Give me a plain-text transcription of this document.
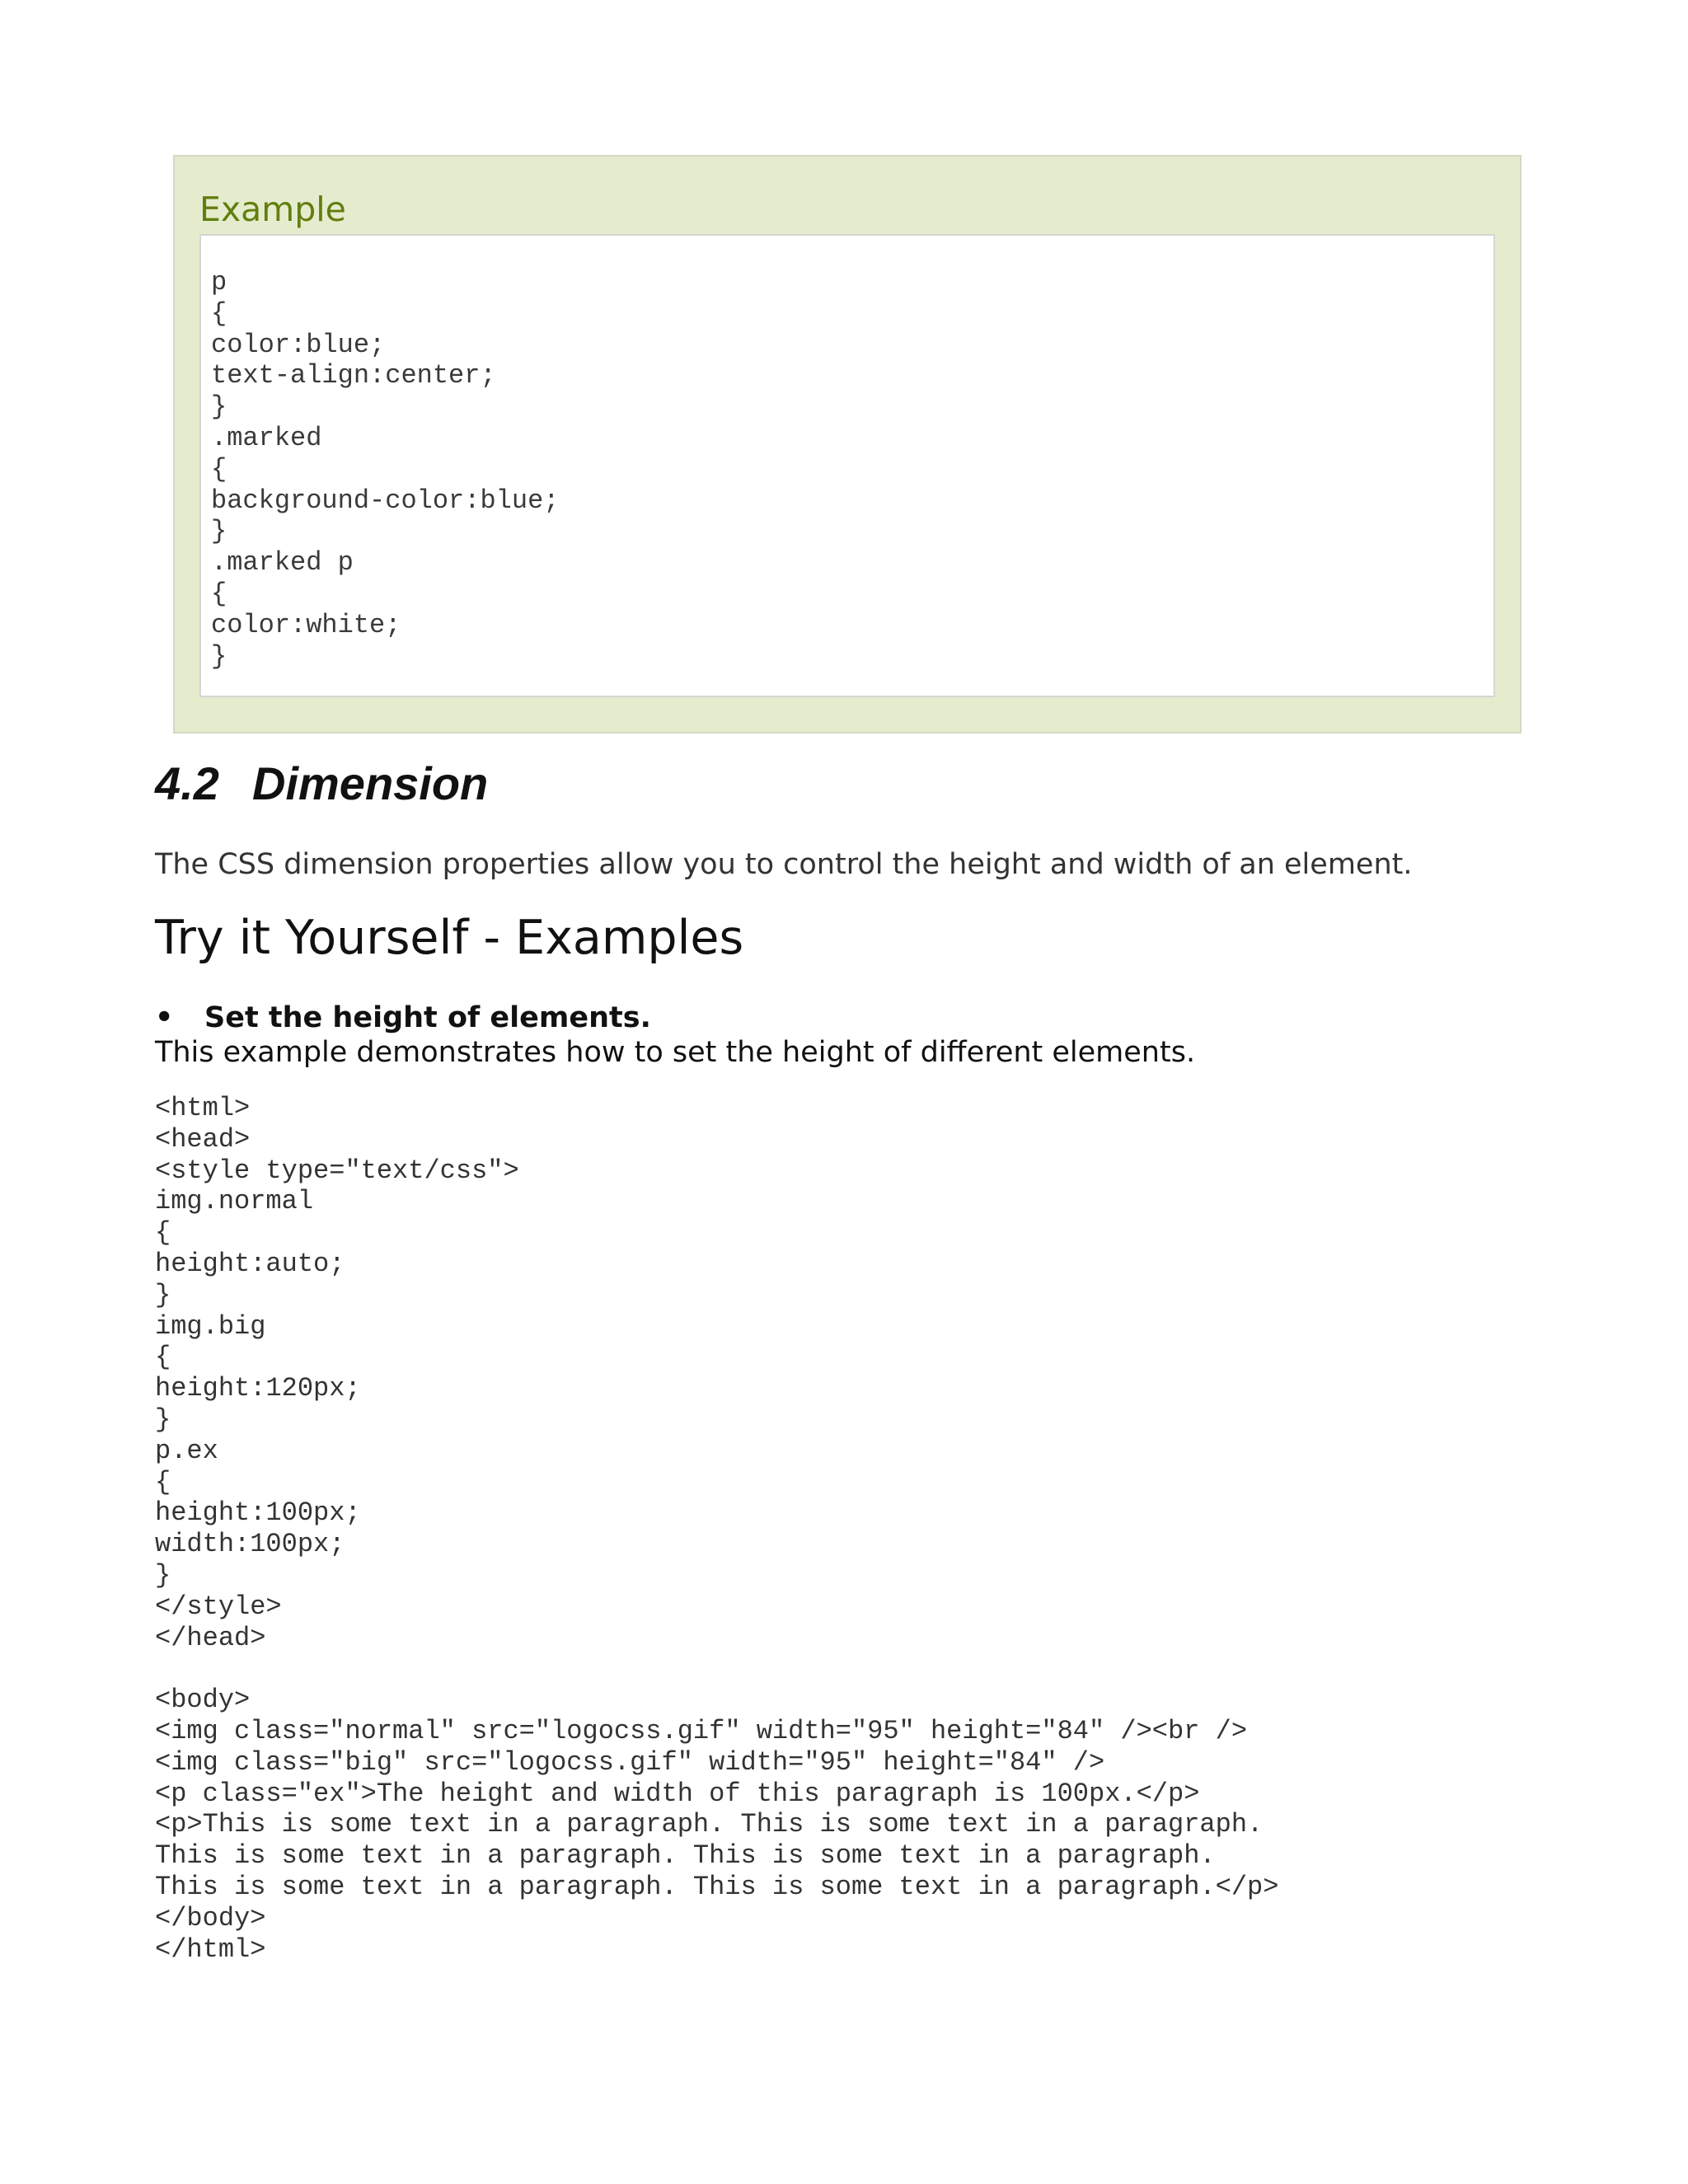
Example
p
{
color:blue;
text-align:center;
}
.marked
{
background-color:blue;
}
.marked p
{
color:white;
}
4.2 Dimension
The CSS dimension properties allow you to control the height and width of an element.
Try it Yourself - Examples
• Set the height of elements.
This example demonstrates how to set the height of different elements.
<html>
<head>
<style type="text/css">
img.normal
{
height:auto;
}
img.big
{
height:120px;
}
p.ex
{
height:100px;
width:100px;
}
</style>
</head>

<body>
<img class="normal" src="logocss.gif" width="95" height="84" /><br />
<img class="big" src="logocss.gif" width="95" height="84" />
<p class="ex">The height and width of this paragraph is 100px.</p>
<p>This is some text in a paragraph. This is some text in a paragraph.
This is some text in a paragraph. This is some text in a paragraph.
This is some text in a paragraph. This is some text in a paragraph.</p>
</body>
</html>
